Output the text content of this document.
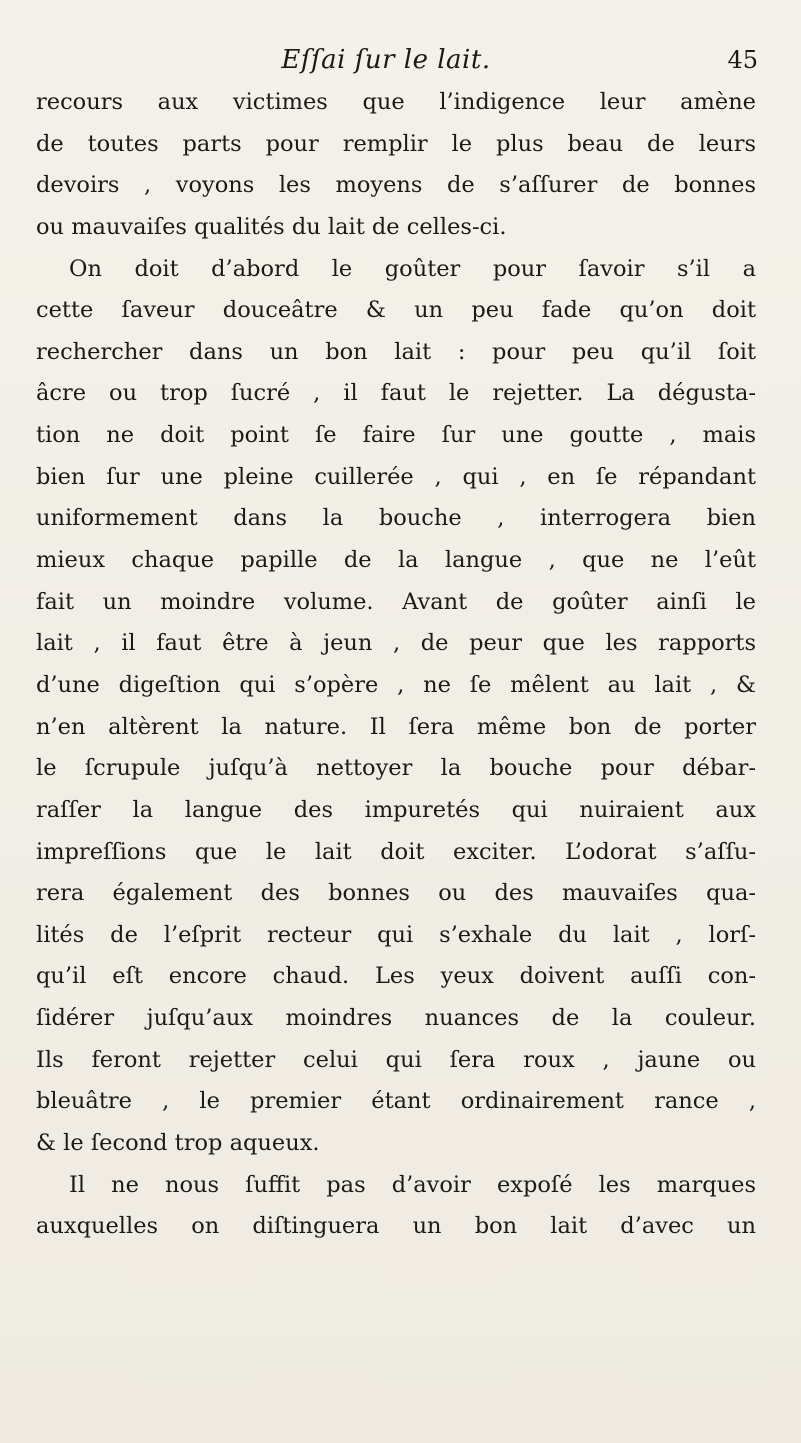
Eſſai ſur le lait.	45
recours aux victimes que l’indigence leur amène
de toutes parts pour remplir le plus beau de leurs
devoirs , voyons les moyens de s’aſſurer de bonnes
ou mauvaiſes qualités du lait de celles-ci.
On doit d’abord le goûter pour ſavoir s’il a
cette ſaveur douceâtre & un peu fade qu’on doit
rechercher dans un bon lait : pour peu qu’il ſoit
âcre ou trop ſucré , il faut le rejetter. La dégusta-
tion ne doit point ſe faire ſur une goutte , mais
bien ſur une pleine cuillerée , qui , en ſe répandant
uniformement dans la bouche , interrogera bien
mieux chaque papille de la langue , que ne l’eût
fait un moindre volume. Avant de goûter ainſi le
lait , il faut être à jeun , de peur que les rapports
d’une digeſtion qui s’opère , ne ſe mêlent au lait , &
n’en altèrent la nature. Il ſera même bon de porter
le ſcrupule juſqu’à nettoyer la bouche pour débar-
raſſer la langue des impuretés qui nuiraient aux
impreſſions que le lait doit exciter. L’odorat s’aſſu-
rera également des bonnes ou des mauvaiſes qua-
lités de l’eſprit recteur qui s’exhale du lait , lorſ-
qu’il eſt encore chaud. Les yeux doivent auſſi con-
ſidérer juſqu’aux moindres nuances de la couleur.
Ils feront rejetter celui qui ſera roux , jaune ou
bleuâtre , le premier étant ordinairement rance ,
& le ſecond trop aqueux.
Il ne nous ſuffit pas d’avoir expoſé les marques
auxquelles on diſtinguera un bon lait d’avec un
